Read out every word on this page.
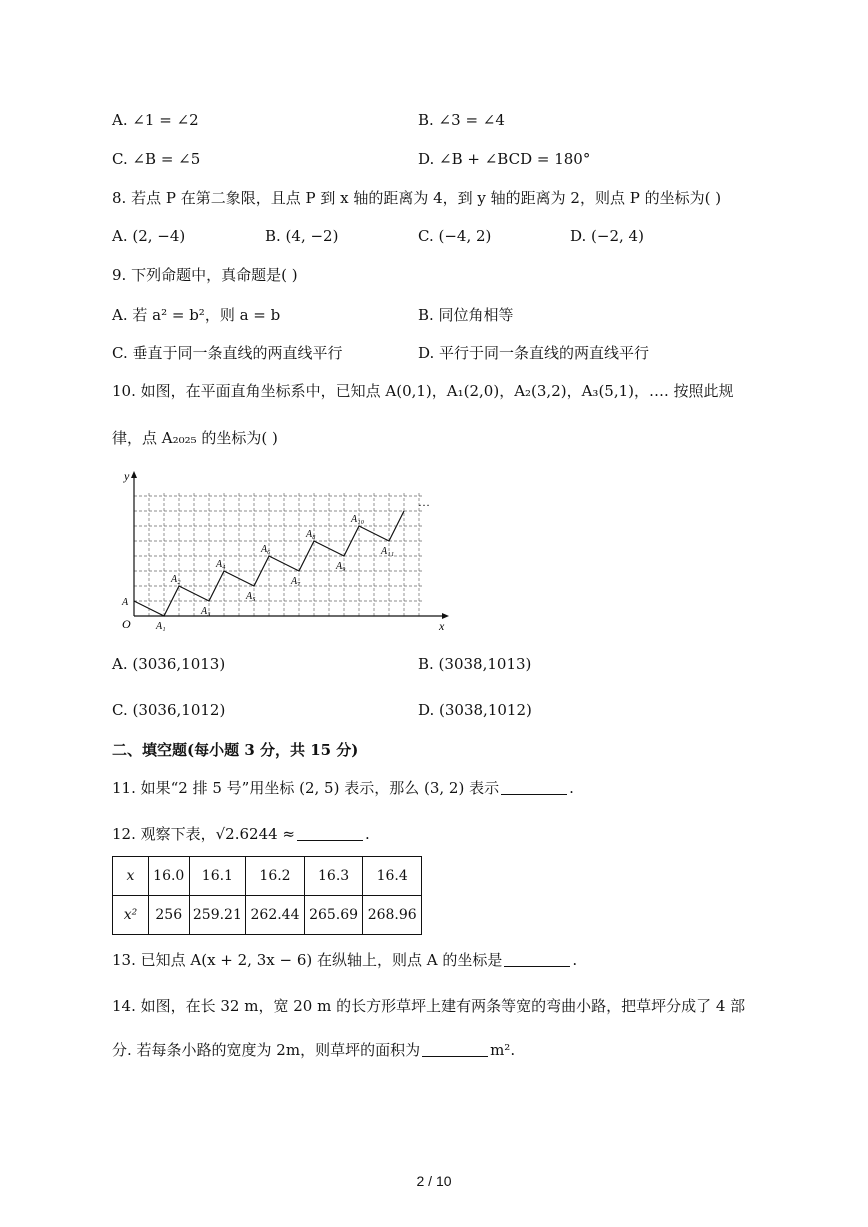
A. ∠1 = ∠2	B. ∠3 = ∠4
C. ∠B = ∠5	D. ∠B + ∠BCD = 180°
8. 若点 P 在第二象限，且点 P 到 x 轴的距离为 4，到 y 轴的距离为 2，则点 P 的坐标为( )
A. (2, −4)	B. (4, −2)	C. (−4, 2)	D. (−2, 4)
9. 下列命题中，真命题是( )
A. 若 a² = b²，则 a = b	B. 同位角相等
C. 垂直于同一条直线的两直线平行	D. 平行于同一条直线的两直线平行
10. 如图，在平面直角坐标系中，已知点 A(0,1)，A₁(2,0)，A₂(3,2)，A₃(5,1)，…. 按照此规
律，点 A₂₀₂₅ 的坐标为( )
x
y
O
…
A
A₁
A₂
A₃
A₄
A₅
A₆
A₇
A₈
A₉
A₁₀
A₁₁
A. (3036,1013)	B. (3038,1013)
C. (3036,1012)	D. (3038,1012)
二、填空题(每小题 3 分，共 15 分)
11. 如果“2 排 5 号”用坐标 (2, 5) 表示，那么 (3, 2) 表示	.
12. 观察下表，√2.6244 ≈	.
x	16.0	16.1	16.2	16.3	16.4
x²	256	259.21	262.44	265.69	268.96
13. 已知点 A(x + 2, 3x − 6) 在纵轴上，则点 A 的坐标是	.
14. 如图，在长 32 m，宽 20 m 的长方形草坪上建有两条等宽的弯曲小路，把草坪分成了 4 部
分. 若每条小路的宽度为 2m，则草坪的面积为	m².
2 / 10
